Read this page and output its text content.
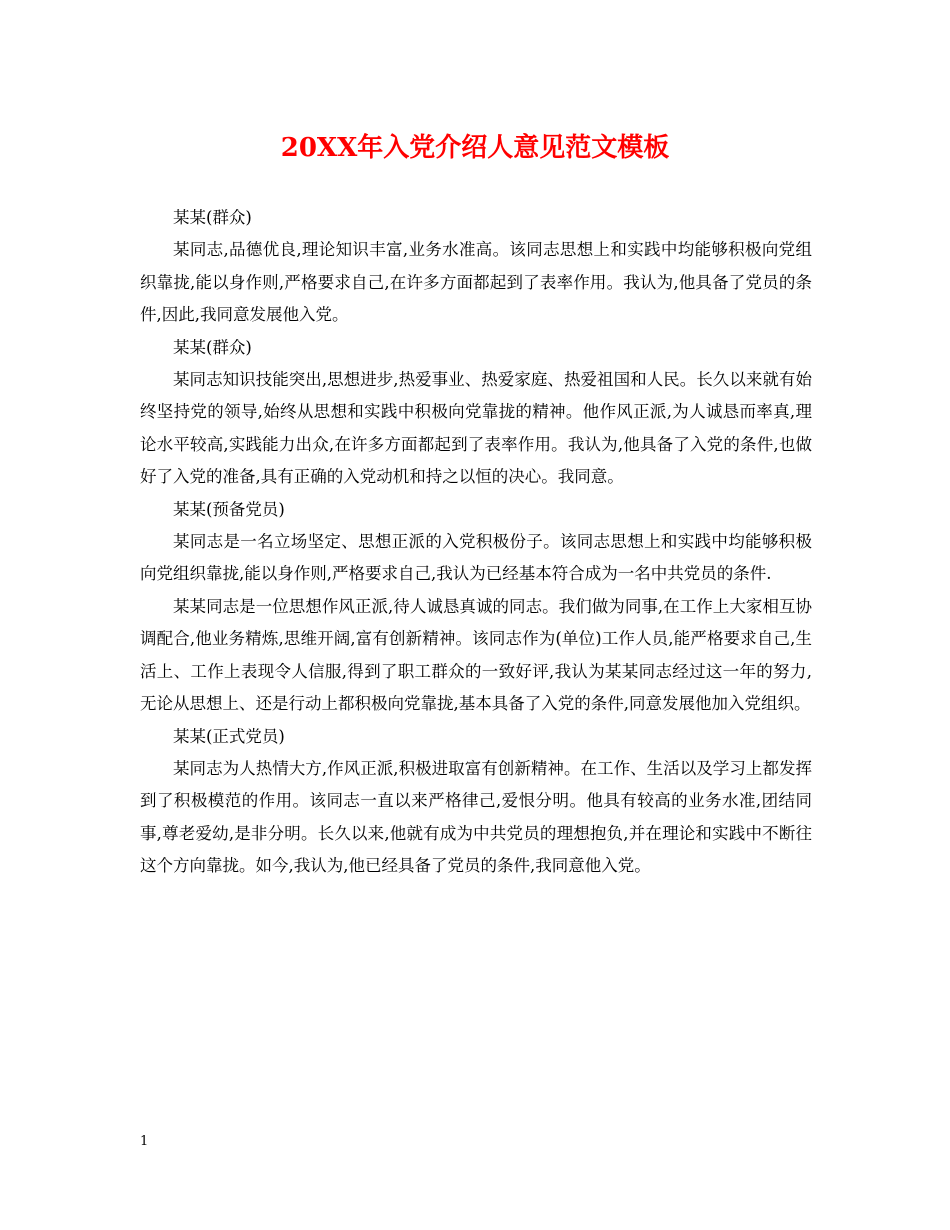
20XX年入党介绍人意见范文模板

某某(群众)

某同志,品德优良,理论知识丰富,业务水准高。该同志思想上和实践中均能够积极向党组织靠拢,能以身作则,严格要求自己,在许多方面都起到了表率作用。我认为,他具备了党员的条件,因此,我同意发展他入党。

某某(群众)

某同志知识技能突出,思想进步,热爱事业、热爱家庭、热爱祖国和人民。长久以来就有始终坚持党的领导,始终从思想和实践中积极向党靠拢的精神。他作风正派,为人诚恳而率真,理论水平较高,实践能力出众,在许多方面都起到了表率作用。我认为,他具备了入党的条件,也做好了入党的准备,具有正确的入党动机和持之以恒的决心。我同意。

某某(预备党员)

某同志是一名立场坚定、思想正派的入党积极份子。该同志思想上和实践中均能够积极向党组织靠拢,能以身作则,严格要求自己,我认为已经基本符合成为一名中共党员的条件.

某某同志是一位思想作风正派,待人诚恳真诚的同志。我们做为同事,在工作上大家相互协调配合,他业务精炼,思维开阔,富有创新精神。该同志作为(单位)工作人员,能严格要求自己,生活上、工作上表现令人信服,得到了职工群众的一致好评,我认为某某同志经过这一年的努力,无论从思想上、还是行动上都积极向党靠拢,基本具备了入党的条件,同意发展他加入党组织。

某某(正式党员)

某同志为人热情大方,作风正派,积极进取富有创新精神。在工作、生活以及学习上都发挥到了积极模范的作用。该同志一直以来严格律己,爱恨分明。他具有较高的业务水准,团结同事,尊老爱幼,是非分明。长久以来,他就有成为中共党员的理想抱负,并在理论和实践中不断往这个方向靠拢。如今,我认为,他已经具备了党员的条件,我同意他入党。

1
